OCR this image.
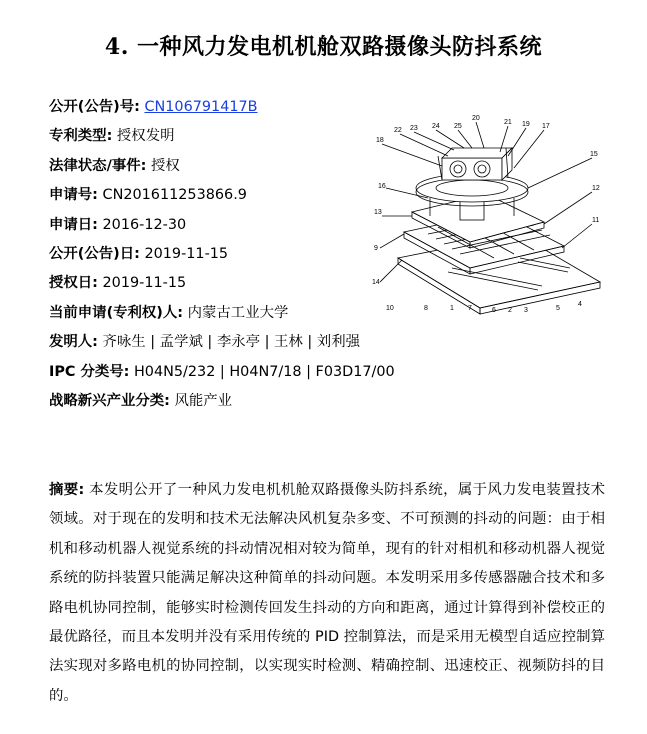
4. 一种风力发电机机舱双路摄像头防抖系统
公开(公告)号: CN106791417B
专利类型: 授权发明
法律状态/事件: 授权
申请号: CN201611253866.9
申请日: 2016-12-30
公开(公告)日: 2019-11-15
授权日: 2019-11-15
当前申请(专利权)人: 内蒙古工业大学
发明人: 齐咏生 | 孟学斌 | 李永亭 | 王林 | 刘利强
IPC 分类号: H04N5/232 | H04N7/18 | F03D17/00
战略新兴产业分类: 风能产业
22 23 24 25
20
21 19 17
18
15
16	12
13
11
9
14
10	8	1 7	6 2 3	5
4
摘要: 本发明公开了一种风力发电机机舱双路摄像头防抖系统，属于风力发电装置技术领域。对于现在的发明和技术无法解决风机复杂多变、不可预测的抖动的问题：由于相机和移动机器人视觉系统的抖动情况相对较为简单，现有的针对相机和移动机器人视觉系统的防抖装置只能满足解决这种简单的抖动问题。本发明采用多传感器融合技术和多路电机协同控制，能够实时检测传回发生抖动的方向和距离，通过计算得到补偿校正的最优路径，而且本发明并没有采用传统的 PID 控制算法，而是采用无模型自适应控制算法实现对多路电机的协同控制，以实现实时检测、精确控制、迅速校正、视频防抖的目的。
